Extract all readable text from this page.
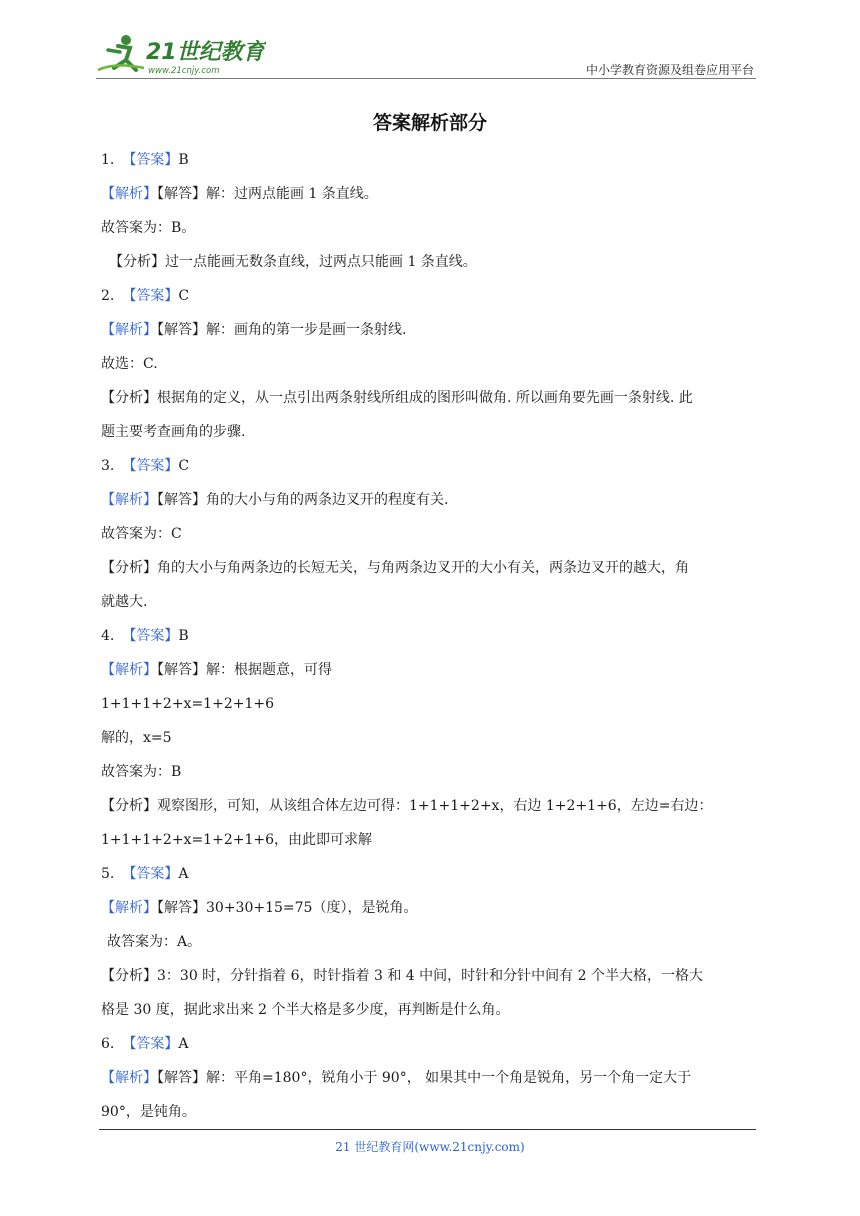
21世纪教育
www.21cnjy.com	中小学教育资源及组卷应用平台
答案解析部分
1. 【答案】B
【解析】【解答】解：过两点能画 1 条直线。
故答案为：B。
【分析】过一点能画无数条直线，过两点只能画 1 条直线。
2. 【答案】C
【解析】【解答】解：画角的第一步是画一条射线.
故选：C.
【分析】根据角的定义，从一点引出两条射线所组成的图形叫做角. 所以画角要先画一条射线. 此
题主要考查画角的步骤.
3. 【答案】C
【解析】【解答】角的大小与角的两条边叉开的程度有关.
故答案为：C
【分析】角的大小与角两条边的长短无关，与角两条边叉开的大小有关，两条边叉开的越大，角
就越大.
4. 【答案】B
【解析】【解答】解：根据题意，可得
1+1+1+2+x=1+2+1+6
解的，x=5
故答案为：B
【分析】观察图形，可知，从该组合体左边可得：1+1+1+2+x，右边 1+2+1+6，左边=右边：
1+1+1+2+x=1+2+1+6，由此即可求解
5. 【答案】A
【解析】【解答】30+30+15=75（度），是锐角。
故答案为：A。
【分析】3：30 时，分针指着 6，时针指着 3 和 4 中间，时针和分针中间有 2 个半大格，一格大
格是 30 度，据此求出来 2 个半大格是多少度，再判断是什么角。
6. 【答案】A
【解析】【解答】解：平角=180°，锐角小于 90°， 如果其中一个角是锐角，另一个角一定大于
90°，是钝角。
21 世纪教育网(www.21cnjy.com)
